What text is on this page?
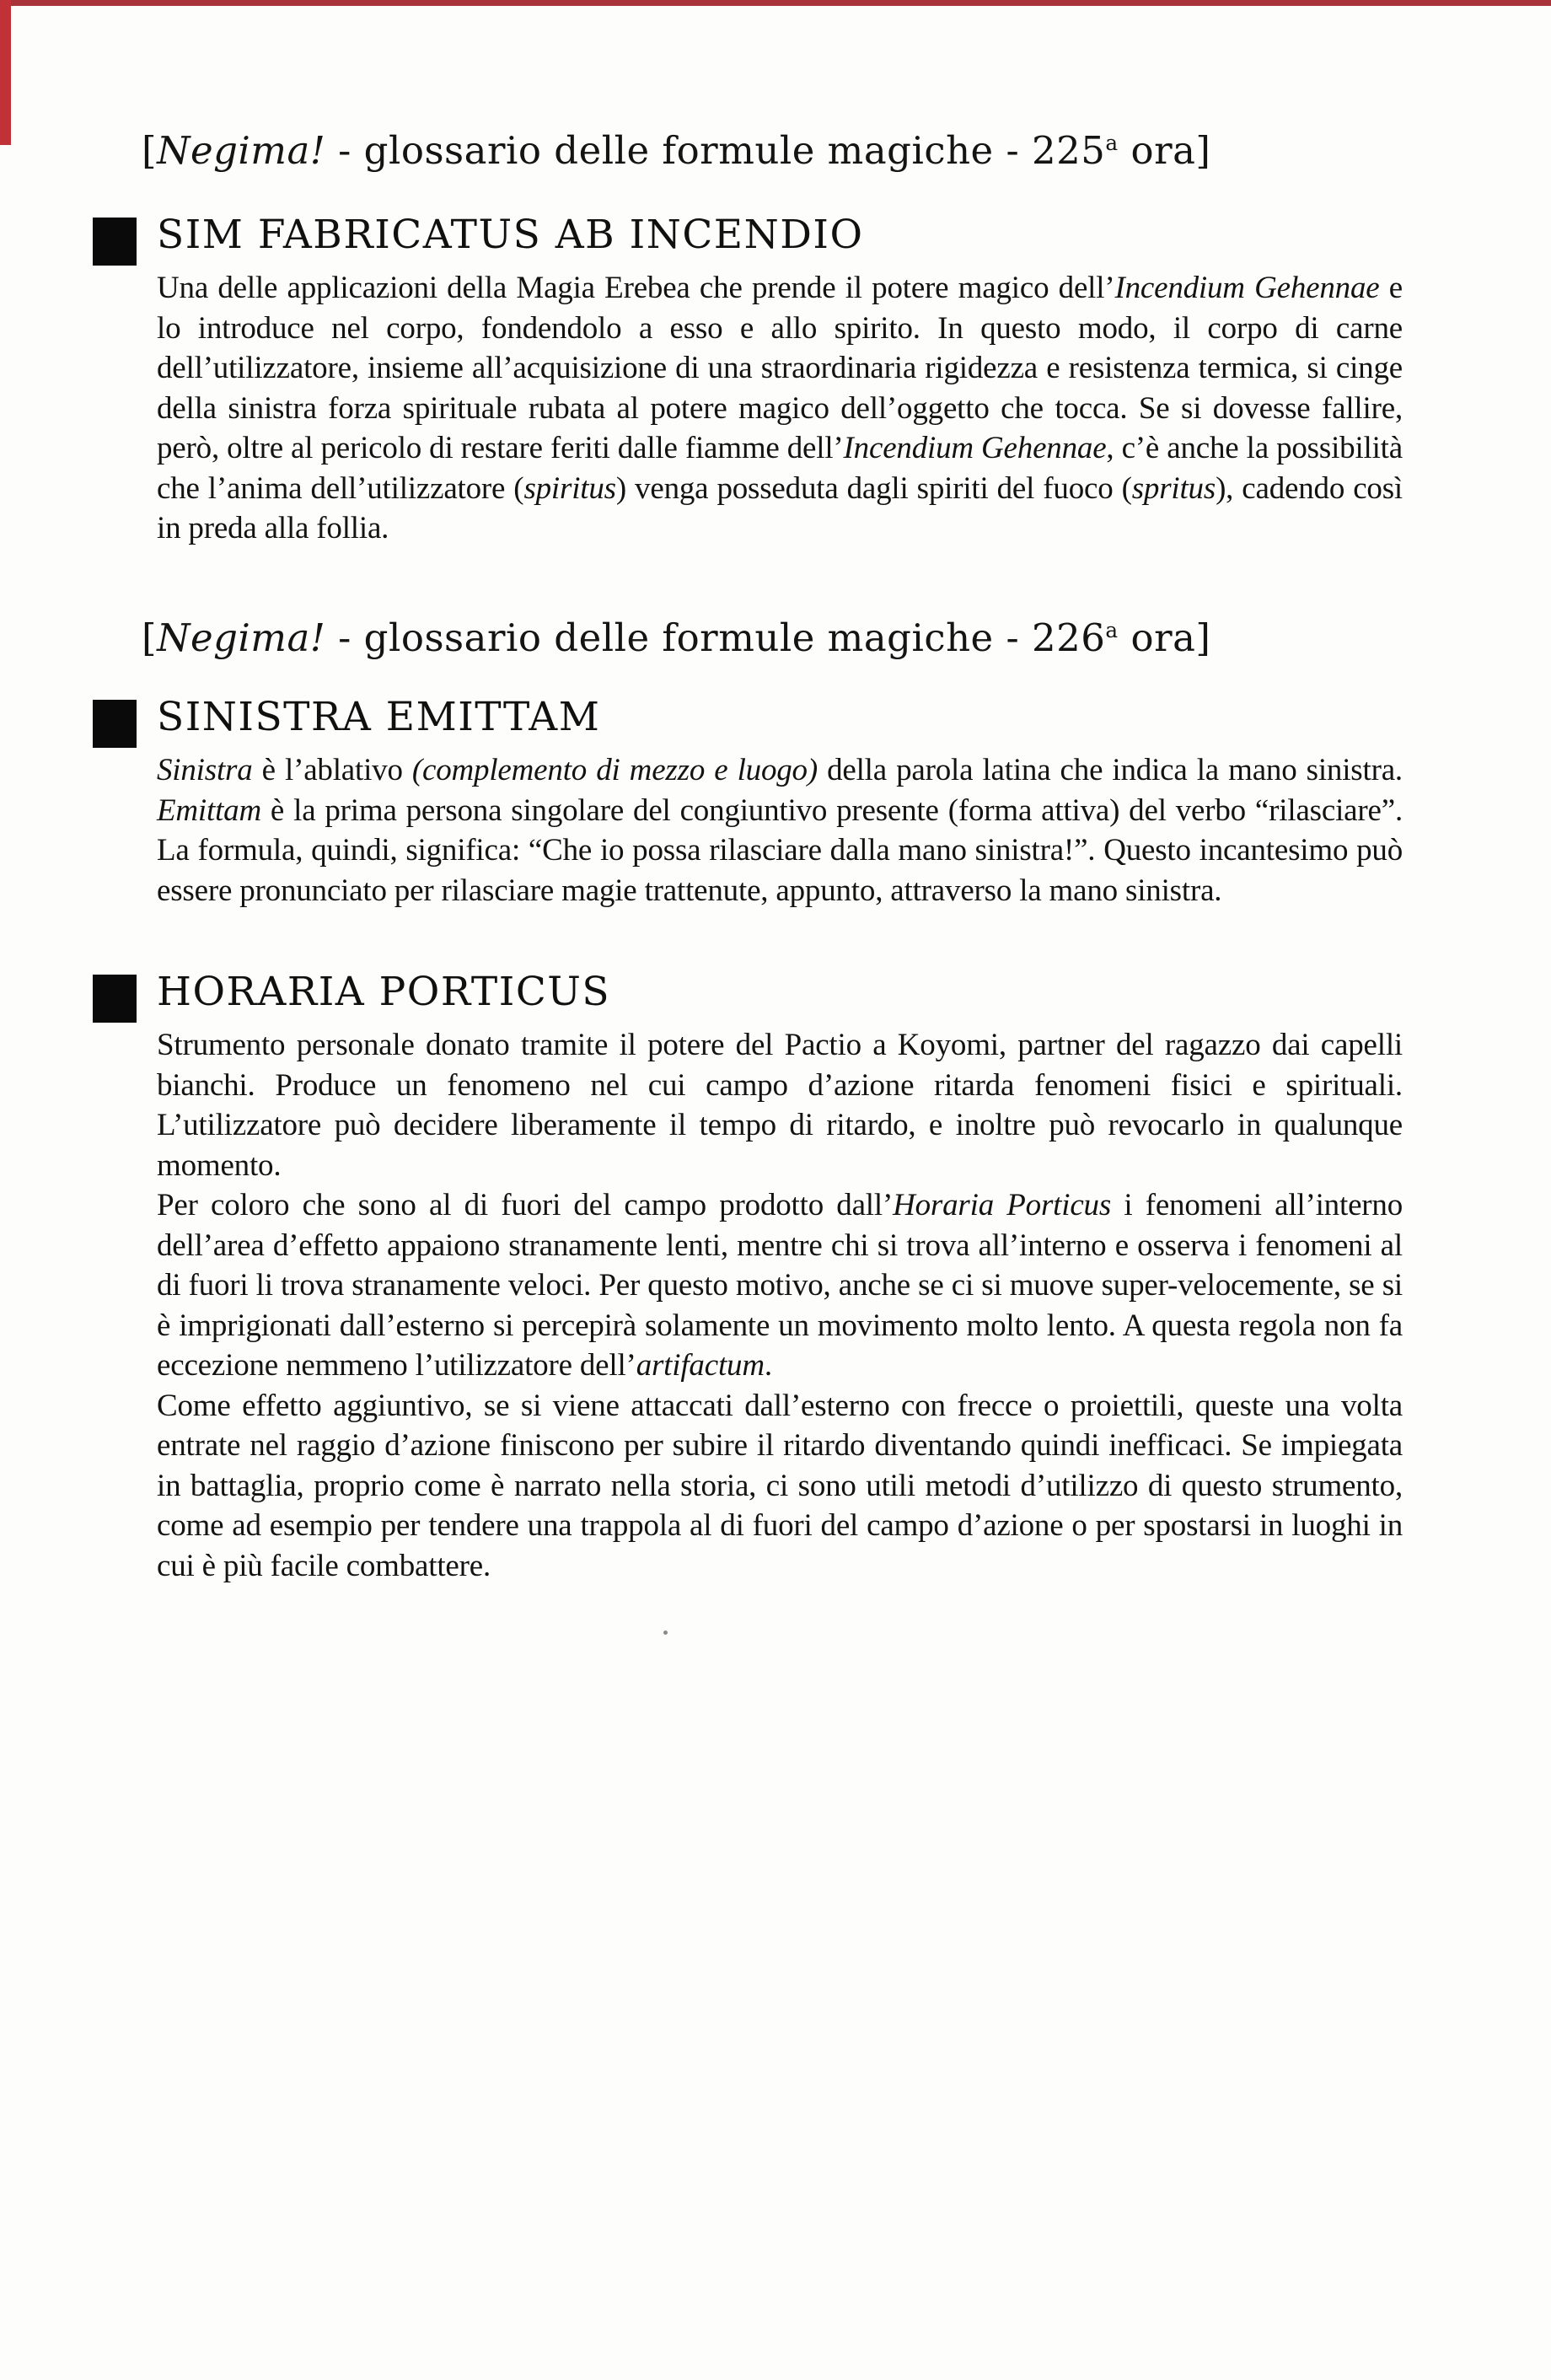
[Negima! - glossario delle formule magiche - 225$^a$ ora]
SIM FABRICATUS AB INCENDIO

Una delle applicazioni della Magia Erebea che prende il potere magico dell’Incendium Gehennae e lo introduce nel corpo, fondendolo a esso e allo spirito. In questo modo, il corpo di carne dell’utilizzatore, insieme all’acquisizione di una straordinaria rigidezza e resistenza termica, si cinge della sinistra forza spirituale rubata al potere magico dell’oggetto che tocca. Se si dovesse fallire, però, oltre al pericolo di restare feriti dalle fiamme dell’Incendium Gehennae, c’è anche la possibilità che l’anima dell’utilizzatore (spiritus) venga posseduta dagli spiriti del fuoco (spritus), cadendo così in preda alla follia.

[Negima! - glossario delle formule magiche - 226$^a$ ora]
SINISTRA EMITTAM

Sinistra è l’ablativo (complemento di mezzo e luogo) della parola latina che indica la mano sinistra. Emittam è la prima persona singolare del congiuntivo presente (forma attiva) del verbo “rilasciare”. La formula, quindi, significa: “Che io possa rilasciare dalla mano sinistra!”. Questo incantesimo può essere pronunciato per rilasciare magie trattenute, appunto, attraverso la mano sinistra.

HORARIA PORTICUS

Strumento personale donato tramite il potere del Pactio a Koyomi, partner del ragazzo dai capelli bianchi. Produce un fenomeno nel cui campo d’azione ritarda fenomeni fisici e spirituali. L’utilizzatore può decidere liberamente il tempo di ritardo, e inoltre può revocarlo in qualunque momento.

Per coloro che sono al di fuori del campo prodotto dall’Horaria Porticus i fenomeni all’interno dell’area d’effetto appaiono stranamente lenti, mentre chi si trova all’interno e osserva i fenomeni al di fuori li trova stranamente veloci. Per questo motivo, anche se ci si muove super-velocemente, se si è imprigionati dall’esterno si percepirà solamente un movimento molto lento. A questa regola non fa eccezione nemmeno l’utilizzatore dell’artifactum.

Come effetto aggiuntivo, se si viene attaccati dall’esterno con frecce o proiettili, queste una volta entrate nel raggio d’azione finiscono per subire il ritardo diventando quindi inefficaci. Se impiegata in battaglia, proprio come è narrato nella storia, ci sono utili metodi d’utilizzo di questo strumento, come ad esempio per tendere una trappola al di fuori del campo d’azione o per spostarsi in luoghi in cui è più facile combattere.
